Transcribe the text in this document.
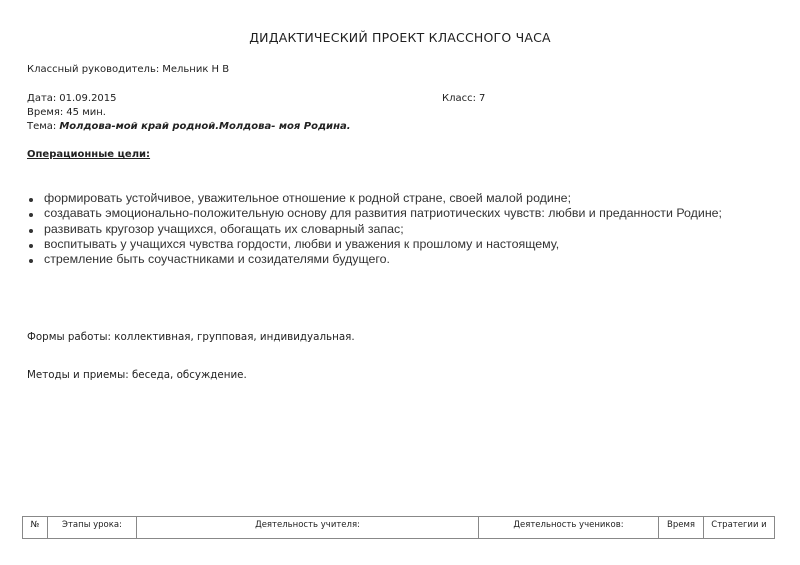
ДИДАКТИЧЕСКИЙ ПРОЕКТ КЛАССНОГО ЧАСА
Классный руководитель: Мельник Н В
Дата: 01.09.2015	Класс: 7
Время: 45 мин.
Тема: Молдова-мой край родной.Молдова- моя Родина.
Операционные цели:
формировать устойчивое, уважительное отношение к родной стране, своей малой родине;
создавать эмоционально-положительную основу для развития патриотических чувств: любви и преданности Родине;
развивать кругозор учащихся, обогащать их словарный запас;
воспитывать у учащихся чувства гордости, любви и уважения к прошлому и настоящему,
стремление быть соучастниками и созидателями будущего.
Формы работы: коллективная, групповая, индивидуальная.
Методы и приемы: беседа, обсуждение.
№	Этапы урока:	Деятельность учителя:	Деятельность учеников:	Время	Стратегии и
